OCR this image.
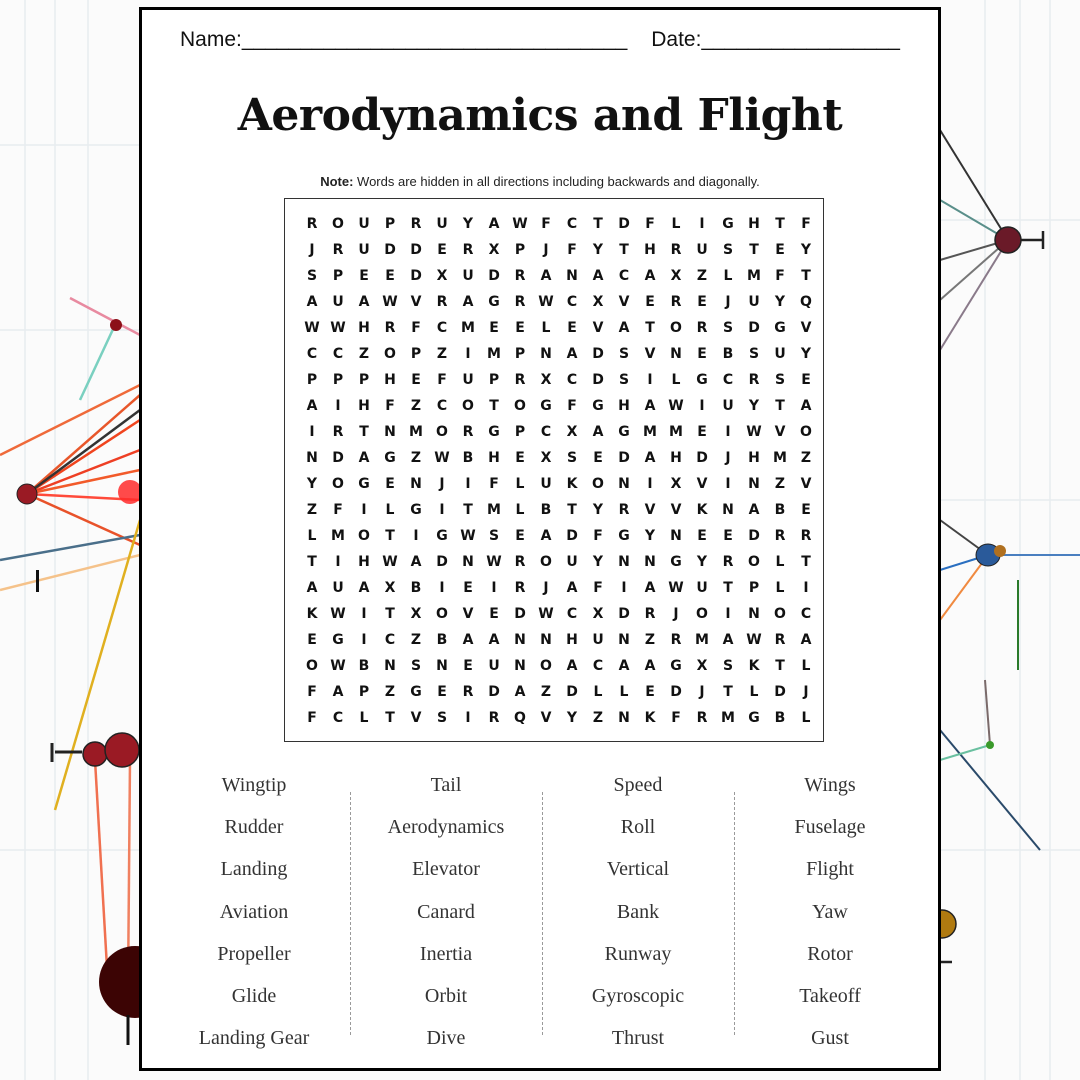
Name:_________________________________ Date:_________________
Aerodynamics and Flight
Note: Words are hidden in all directions including backwards and diagonally.
R	O	U	P	R	U	Y	A W F	C	T	D	F	L	I	G	H	T	F
J	R	U	D	D	E	R	X	P	J	F	Y	T	H	R	U	S	T	E	Y
S	P	E	E	D	X	U	D	R	A	N	A	C	A	X	Z	L	M	F	T
A	U	A W V	R	A	G	R W C	X	V	E	R	E	J	U	Y	Q
W W H	R	F	C M	E	E	L	E	V	A	T	O	R	S	D	G	V
C	C	Z	O	P	Z	I	M P	N	A	D	S	V	N	E	B	S	U	Y
P	P	P	H	E	F	U	P	R	X	C	D	S	I	L	G	C	R	S	E
A	I	H	F	Z	C	O	T	O	G	F	G	H	A W	I	U	Y	T	A
I	R	T	N M O	R	G	P	C	X	A	G M M	E	I	W V	O
N	D	A	G	Z W B	H	E	X	S	E	D	A	H	D	J	H M Z
Y	O	G	E	N	J	I	F	L	U	K	O	N	I	X	V	I	N	Z	V
Z	F	I	L	G	I	T	M	L	B	T	Y	R	V	V	K	N	A	B	E
L	M O	T	I	G W S	E	A	D	F	G	Y	N	E	E	D	R	R
T	I	H W A	D	N W R	O	U	Y	N	N	G	Y	R	O	L	T
A	U	A	X	B	I	E	I	R	J	A	F	I	A W U	T	P	L	I
K W	I	T	X	O	V	E	D W C	X	D	R	J	O	I	N	O	C
E	G	I	C	Z	B	A	A	N	N	H	U	N	Z	R M A W R	A
O W B	N	S	N	E	U	N	O	A	C	A	A	G	X	S	K	T	L
F	A	P	Z	G	E	R	D	A	Z	D	L	L	E	D	J	T	L	D	J
F	C	L	T	V	S	I	R	Q	V	Y	Z	N	K	F	R M G	B	L
Wingtip
Rudder
Landing
Aviation
Propeller
Glide
Landing Gear
Tail
Aerodynamics
Elevator
Canard
Inertia
Orbit
Dive
Speed
Roll
Vertical
Bank
Runway
Gyroscopic
Thrust
Wings
Fuselage
Flight
Yaw
Rotor
Takeoff
Gust
